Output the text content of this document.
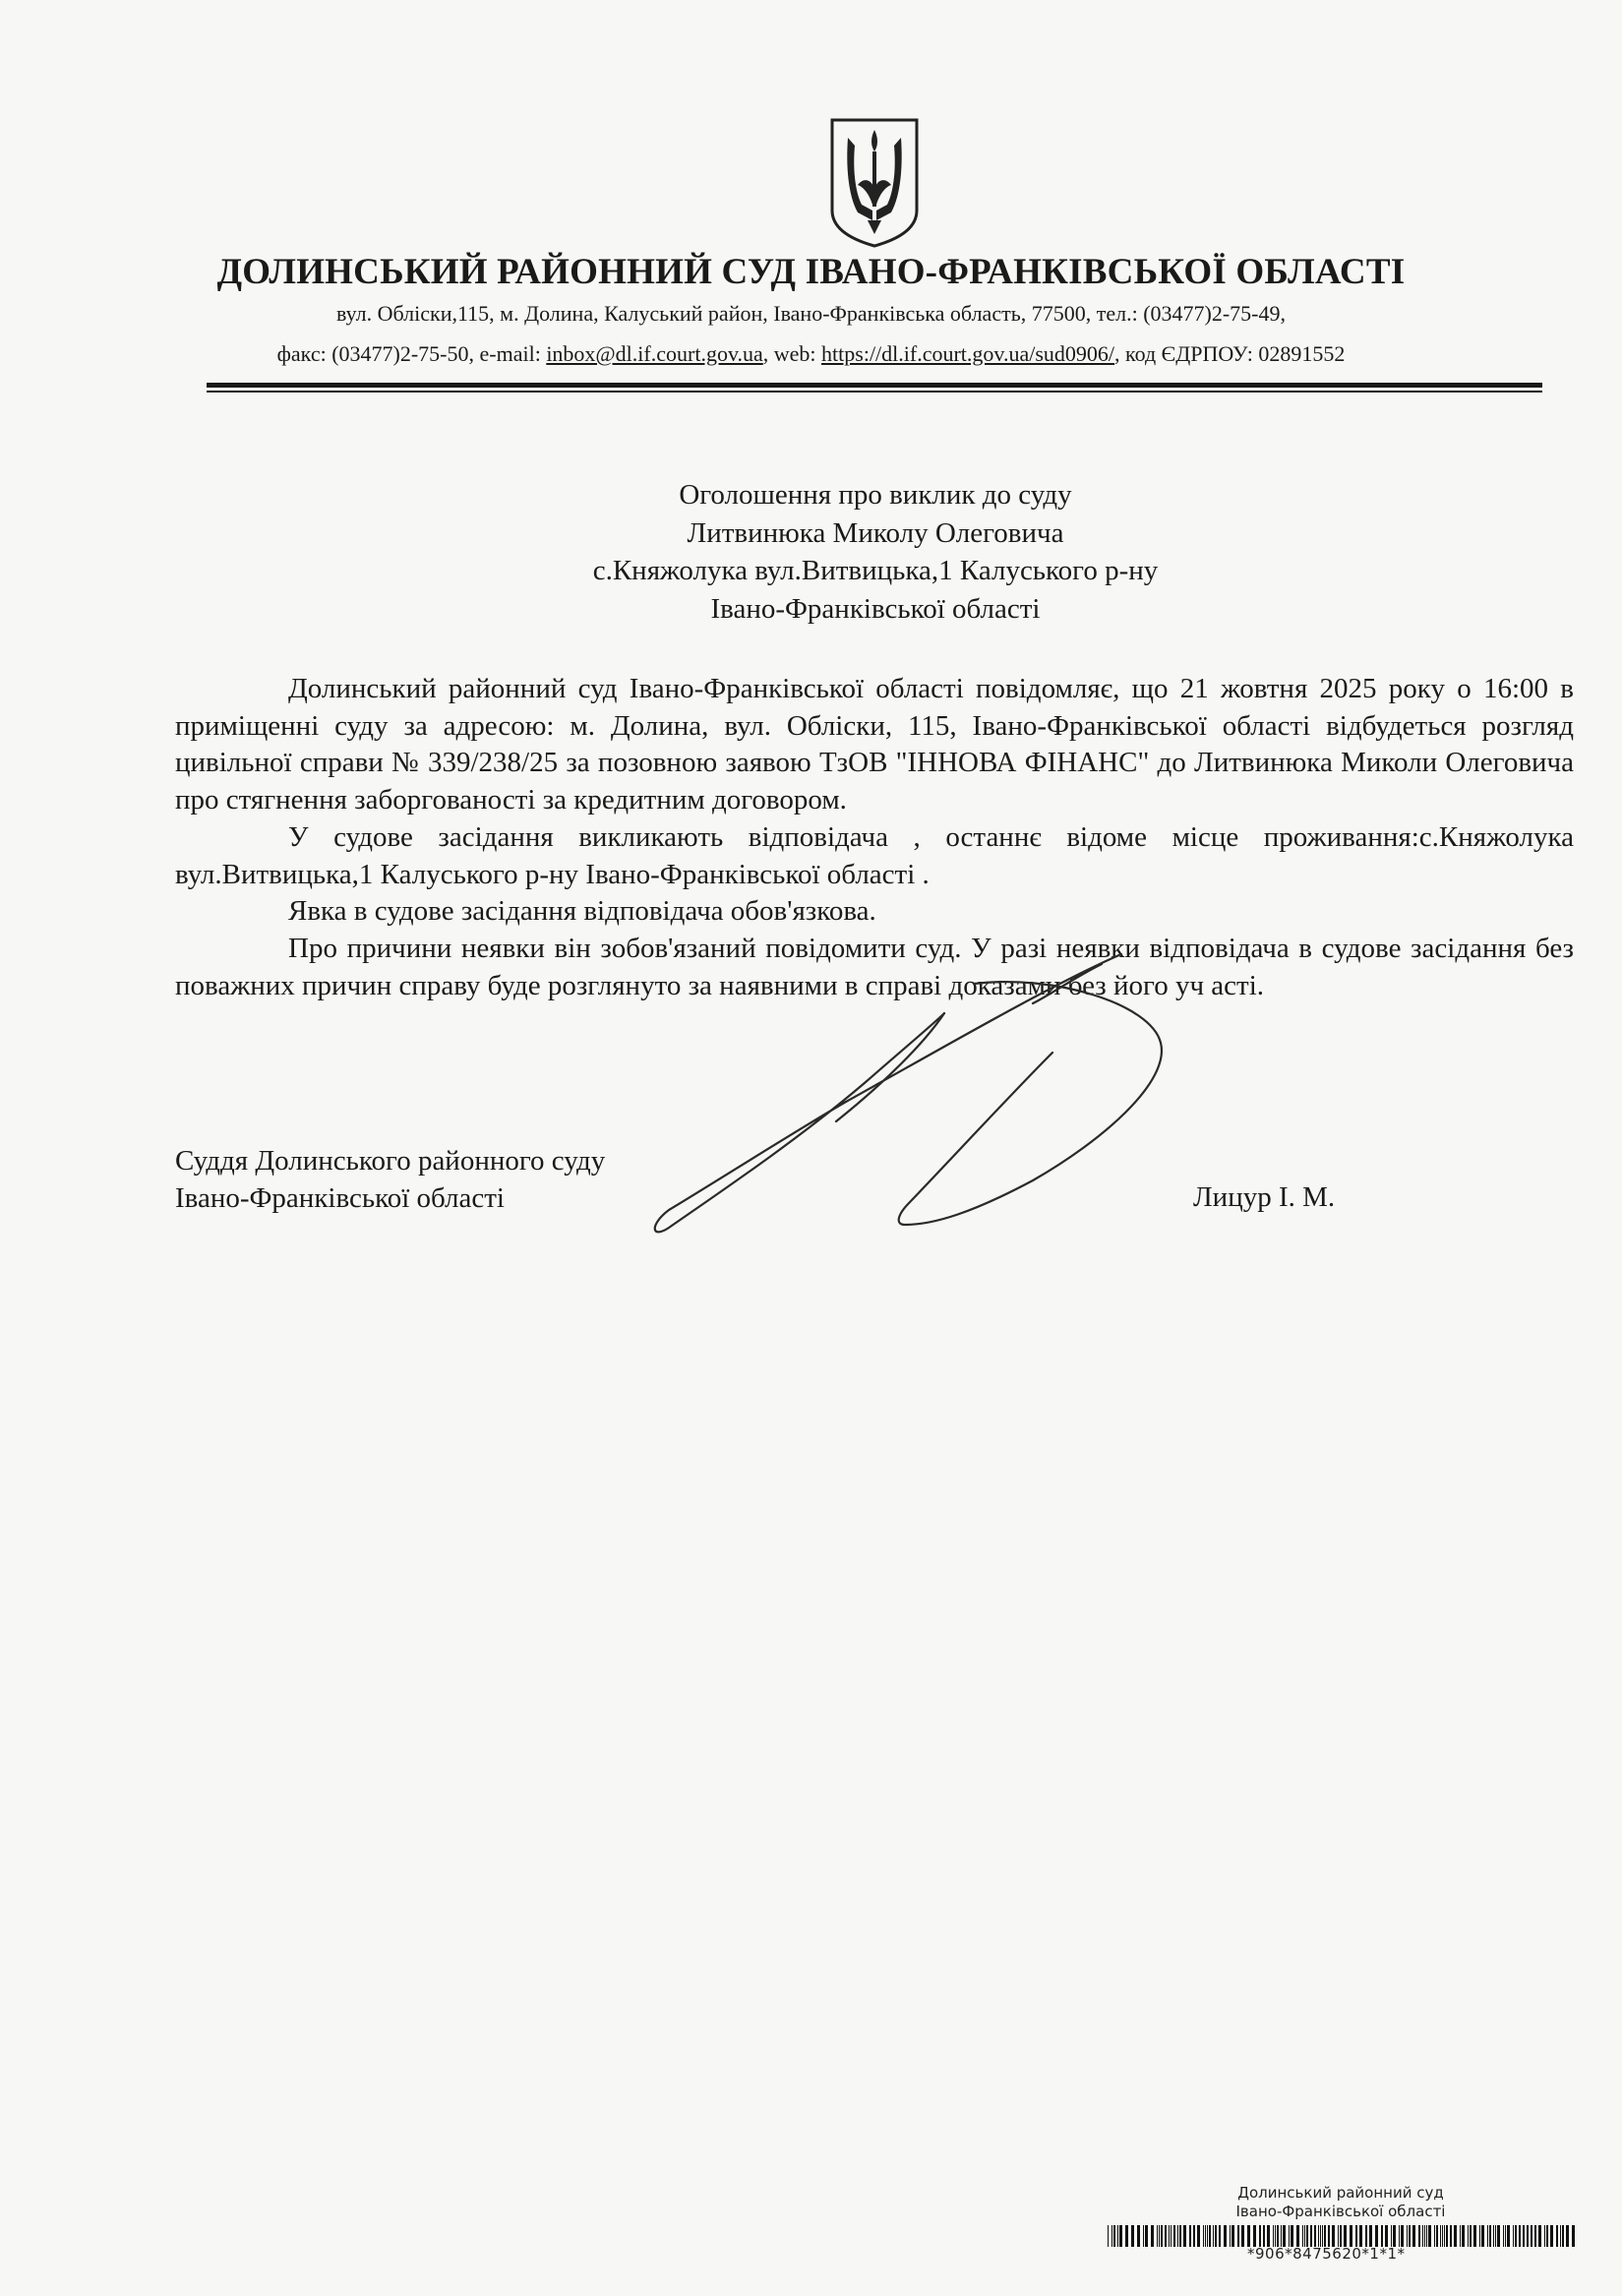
ДОЛИНСЬКИЙ РАЙОННИЙ СУД ІВАНО-ФРАНКІВСЬКОЇ ОБЛАСТІ

вул. Обліски,115, м. Долина, Калуський район, Івано-Франківська область, 77500, тел.: (03477)2-75-49,

факс: (03477)2-75-50, e-mail: inbox@dl.if.court.gov.ua, web: https://dl.if.court.gov.ua/sud0906/, код ЄДРПОУ: 02891552

Оголошення про виклик до суду
Литвинюка Миколу Олеговича
с.Княжолука вул.Витвицька,1 Калуського р-ну
Івано-Франківської області

Долинський районний суд Івано-Франківської області повідомляє, що 21 жовтня 2025 року о 16:00 в приміщенні суду за адресою: м. Долина, вул. Обліски, 115, Івано-Франківської області відбудеться розгляд цивільної справи № 339/238/25 за позовною заявою ТзОВ "ІННОВА ФІНАНС" до Литвинюка Миколи Олеговича про стягнення заборгованості за кредитним договором.

У судове засідання викликають відповідача , останнє відоме місце проживання:с.Княжолука вул.Витвицька,1 Калуського р-ну Івано-Франківської області .

Явка в судове засідання відповідача обов'язкова.

Про причини неявки він зобов'язаний повідомити суд. У разі неявки відповідача в судове засідання без поважних причин справу буде розглянуто за наявними в справі доказами без його уч асті.

Суддя Долинського районного суду
Івано-Франківської області	Лицур І. М.
Долинський районний суд
Івано-Франківської області
*906*8475620*1*1*
